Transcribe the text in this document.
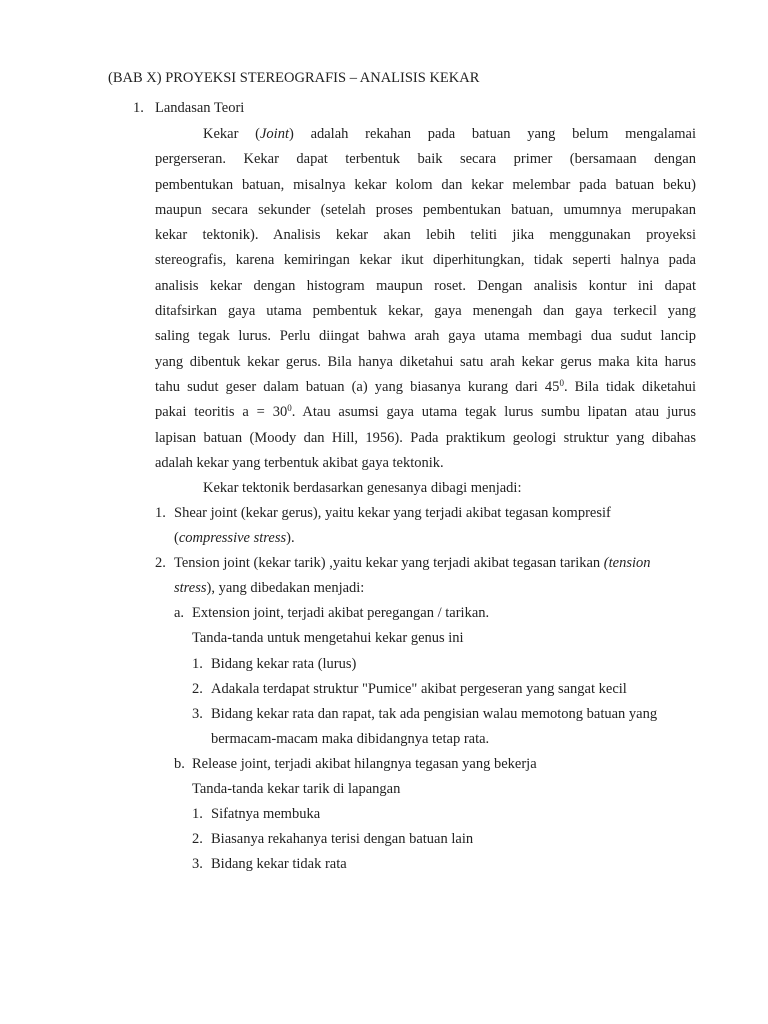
(BAB X) PROYEKSI STEREOGRAFIS – ANALISIS KEKAR
1. Landasan Teori
Kekar (Joint) adalah rekahan pada batuan yang belum mengalamai
pergerseran. Kekar dapat terbentuk baik secara primer (bersamaan dengan
pembentukan batuan, misalnya kekar kolom dan kekar melembar pada batuan beku)
maupun secara sekunder (setelah proses pembentukan batuan, umumnya merupakan
kekar tektonik). Analisis kekar akan lebih teliti jika menggunakan proyeksi
stereografis, karena kemiringan kekar ikut diperhitungkan, tidak seperti halnya pada
analisis kekar dengan histogram maupun roset. Dengan analisis kontur ini dapat
ditafsirkan gaya utama pembentuk kekar, gaya menengah dan gaya terkecil yang
saling tegak lurus. Perlu diingat bahwa arah gaya utama membagi dua sudut lancip
yang dibentuk kekar gerus. Bila hanya diketahui satu arah kekar gerus maka kita harus
tahu sudut geser dalam batuan (a) yang biasanya kurang dari $45^0$. Bila tidak diketahui
pakai teoritis $a = 30^0$. Atau asumsi gaya utama tegak lurus sumbu lipatan atau jurus
lapisan batuan (Moody dan Hill, 1956). Pada praktikum geologi struktur yang dibahas
adalah kekar yang terbentuk akibat gaya tektonik.
Kekar tektonik berdasarkan genesanya dibagi menjadi:
1. Shear joint (kekar gerus), yaitu kekar yang terjadi akibat tegasan kompresif
(compressive stress).
2. Tension joint (kekar tarik) ,yaitu kekar yang terjadi akibat tegasan tarikan (tension
stress), yang dibedakan menjadi:
a. Extension joint, terjadi akibat peregangan / tarikan.
Tanda-tanda untuk mengetahui kekar genus ini
1. Bidang kekar rata (lurus)
2. Adakala terdapat struktur "Pumice" akibat pergeseran yang sangat kecil
3. Bidang kekar rata dan rapat, tak ada pengisian walau memotong batuan yang
bermacam-macam maka dibidangnya tetap rata.
b. Release joint, terjadi akibat hilangnya tegasan yang bekerja
Tanda-tanda kekar tarik di lapangan
1. Sifatnya membuka
2. Biasanya rekahanya terisi dengan batuan lain
3. Bidang kekar tidak rata
